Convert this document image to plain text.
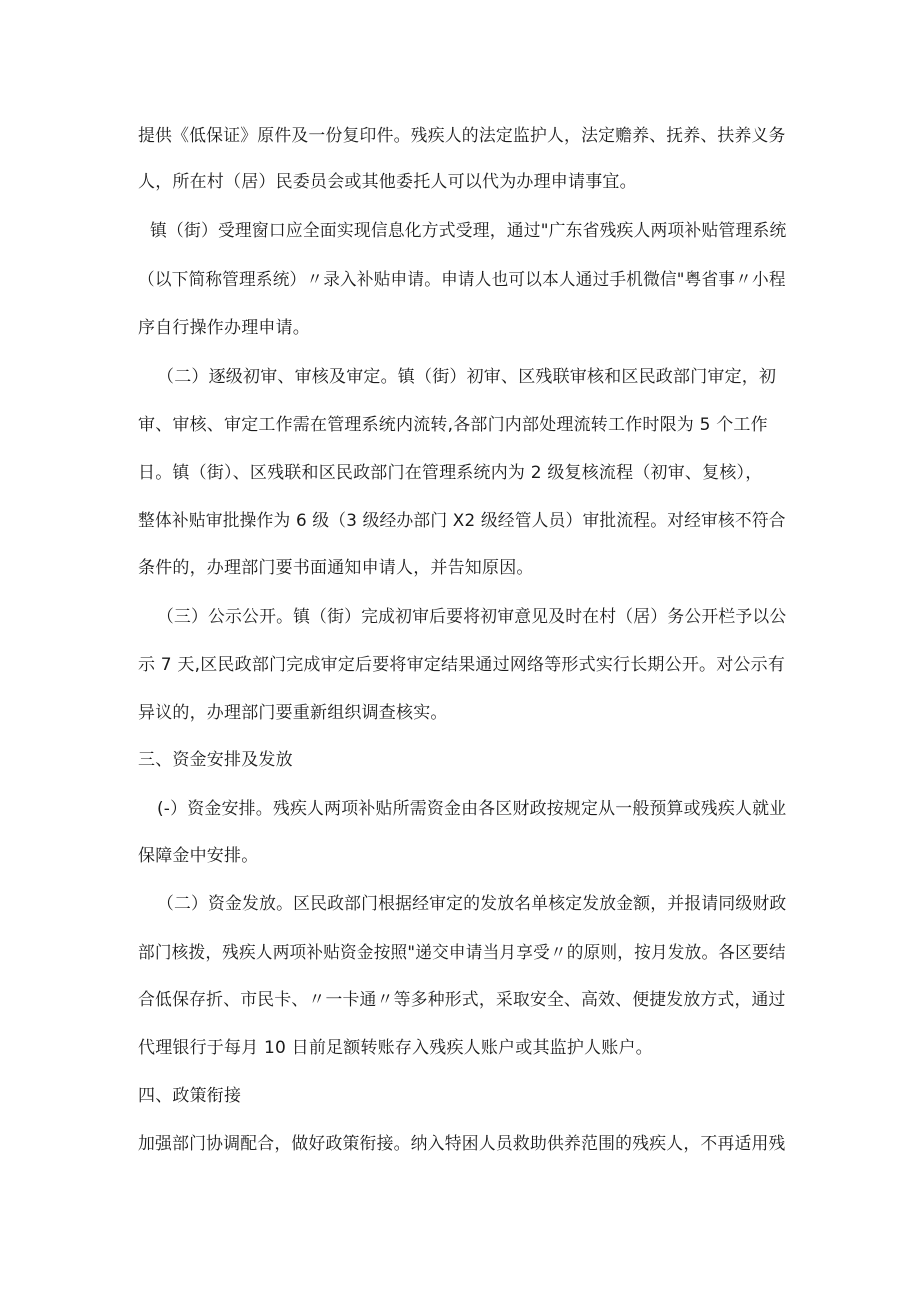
提供《低保证》原件及一份复印件。残疾人的法定监护人，法定赡养、抚养、扶养义务

人，所在村（居）民委员会或其他委托人可以代为办理申请事宜。

镇（街）受理窗口应全面实现信息化方式受理，通过"广东省残疾人两项补贴管理系统

（以下简称管理系统）〃录入补贴申请。申请人也可以本人通过手机微信"粤省事〃小程

序自行操作办理申请。

（二）逐级初审、审核及审定。镇（街）初审、区残联审核和区民政部门审定，初

审、审核、审定工作需在管理系统内流转,各部门内部处理流转工作时限为 5 个工作

日。镇（街）、区残联和区民政部门在管理系统内为 2 级复核流程（初审、复核），

整体补贴审批操作为 6 级（3 级经办部门 X2 级经管人员）审批流程。对经审核不符合

条件的，办理部门要书面通知申请人，并告知原因。

（三）公示公开。镇（街）完成初审后要将初审意见及时在村（居）务公开栏予以公

示 7 天,区民政部门完成审定后要将审定结果通过网络等形式实行长期公开。对公示有

异议的，办理部门要重新组织调查核实。

三、资金安排及发放

(-）资金安排。残疾人两项补贴所需资金由各区财政按规定从一般预算或残疾人就业

保障金中安排。

（二）资金发放。区民政部门根据经审定的发放名单核定发放金额，并报请同级财政

部门核拨，残疾人两项补贴资金按照"递交申请当月享受〃的原则，按月发放。各区要结

合低保存折、市民卡、〃一卡通〃等多种形式，采取安全、高效、便捷发放方式，通过

代理银行于每月 10 日前足额转账存入残疾人账户或其监护人账户。

四、政策衔接

加强部门协调配合，做好政策衔接。纳入特困人员救助供养范围的残疾人，不再适用残
